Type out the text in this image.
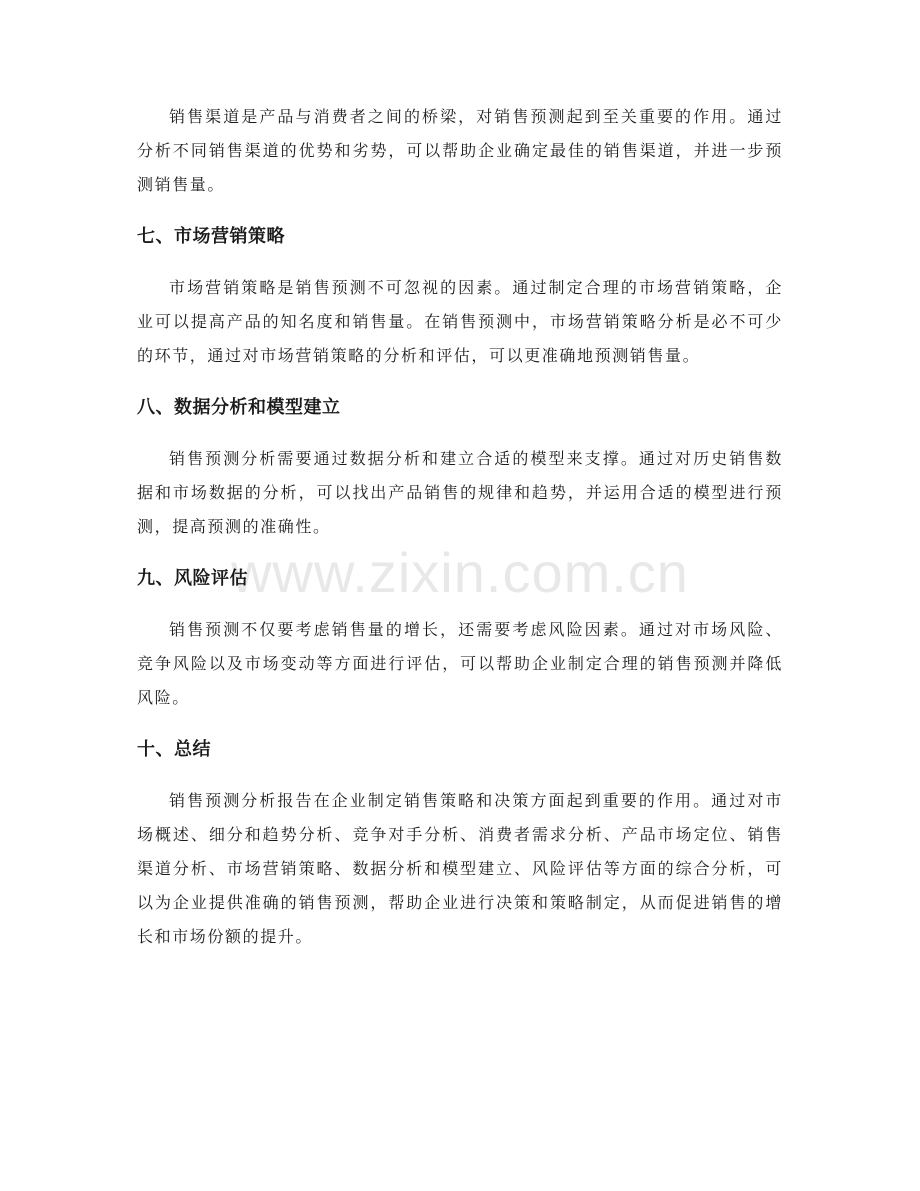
销售渠道是产品与消费者之间的桥梁，对销售预测起到至关重要的作用。通过分析不同销售渠道的优势和劣势，可以帮助企业确定最佳的销售渠道，并进一步预测销售量。

七、市场营销策略

市场营销策略是销售预测不可忽视的因素。通过制定合理的市场营销策略，企业可以提高产品的知名度和销售量。在销售预测中，市场营销策略分析是必不可少的环节，通过对市场营销策略的分析和评估，可以更准确地预测销售量。

八、数据分析和模型建立

销售预测分析需要通过数据分析和建立合适的模型来支撑。通过对历史销售数据和市场数据的分析，可以找出产品销售的规律和趋势，并运用合适的模型进行预测，提高预测的准确性。

九、风险评估

销售预测不仅要考虑销售量的增长，还需要考虑风险因素。通过对市场风险、竞争风险以及市场变动等方面进行评估，可以帮助企业制定合理的销售预测并降低风险。

十、总结

销售预测分析报告在企业制定销售策略和决策方面起到重要的作用。通过对市场概述、细分和趋势分析、竞争对手分析、消费者需求分析、产品市场定位、销售渠道分析、市场营销策略、数据分析和模型建立、风险评估等方面的综合分析，可以为企业提供准确的销售预测，帮助企业进行决策和策略制定，从而促进销售的增长和市场份额的提升。

www.zixin.com.cn
